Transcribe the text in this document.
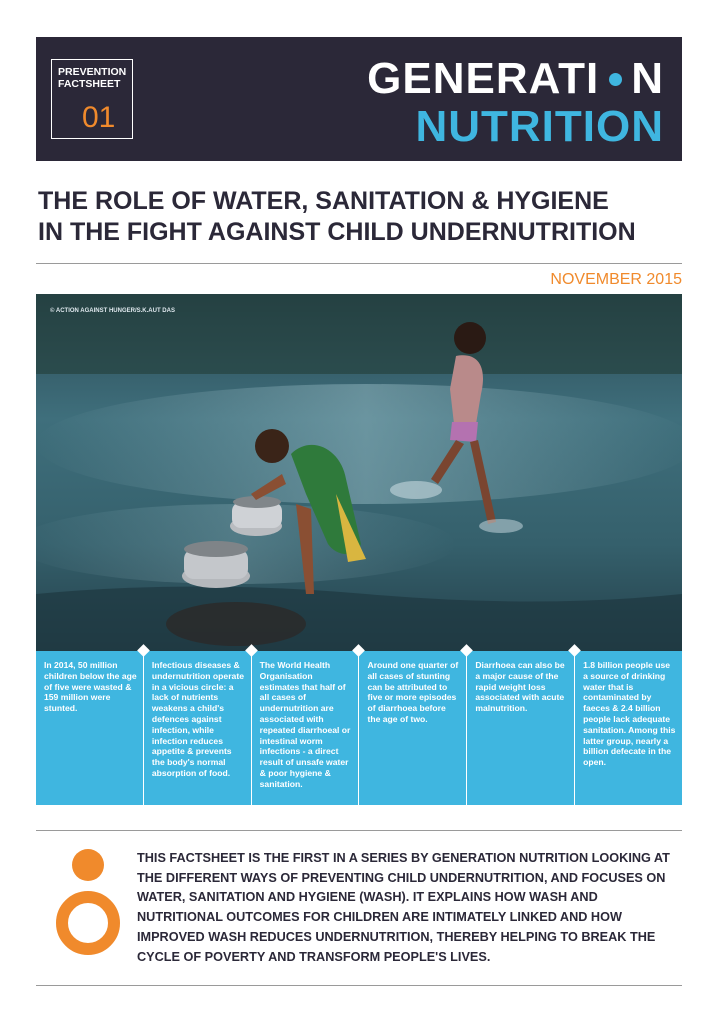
PREVENTION
FACTSHEET
01
GENERATI N
NUTRITION
THE ROLE OF WATER, SANITATION & HYGIENE
IN THE FIGHT AGAINST CHILD UNDERNUTRITION
NOVEMBER 2015
© ACTION AGAINST HUNGER/S.K.AUT DAS
In 2014, 50 million children below the age of five were wasted & 159 million were stunted.
Infectious diseases & undernutrition operate in a vicious circle: a lack of nutrients weakens a child's defences against infection, while infection reduces appetite & prevents the body's normal absorption of food.
The World Health Organisation estimates that half of all cases of undernutrition are associated with repeated diarrhoeal or intestinal worm infections - a direct result of unsafe water & poor hygiene & sanitation.
Around one quarter of all cases of stunting can be attributed to five or more episodes of diarrhoea before the age of two.
Diarrhoea can also be a major cause of the rapid weight loss associated with acute malnutrition.
1.8 billion people use a source of drinking water that is contaminated by faeces & 2.4 billion people lack adequate sanitation. Among this latter group, nearly a billion defecate in the open.

THIS FACTSHEET IS THE FIRST IN A SERIES BY GENERATION NUTRITION LOOKING AT THE DIFFERENT WAYS OF PREVENTING CHILD UNDERNUTRITION, AND FOCUSES ON WATER, SANITATION AND HYGIENE (WASH). IT EXPLAINS HOW WASH AND NUTRITIONAL OUTCOMES FOR CHILDREN ARE INTIMATELY LINKED AND HOW IMPROVED WASH REDUCES UNDERNUTRITION, THEREBY HELPING TO BREAK THE CYCLE OF POVERTY AND TRANSFORM PEOPLE'S LIVES.
